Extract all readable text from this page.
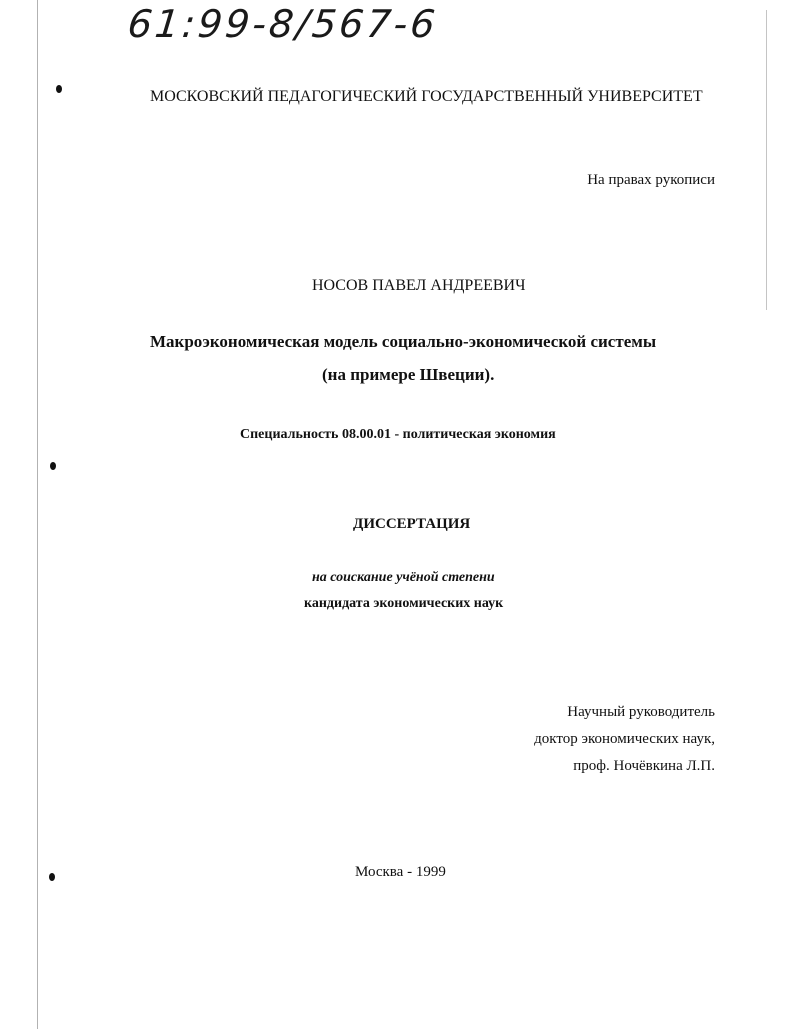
61:99-8/567-6
МОСКОВСКИЙ ПЕДАГОГИЧЕСКИЙ ГОСУДАРСТВЕННЫЙ УНИВЕРСИТЕТ
На правах рукописи
НОСОВ ПАВЕЛ АНДРЕЕВИЧ
Макроэкономическая модель социально-экономической системы
(на примере Швеции).
Специальность 08.00.01 - политическая экономия
ДИССЕРТАЦИЯ
на соискание учёной степени
кандидата экономических наук
Научный руководитель
доктор экономических наук,
проф. Ночёвкина Л.П.
Москва - 1999
